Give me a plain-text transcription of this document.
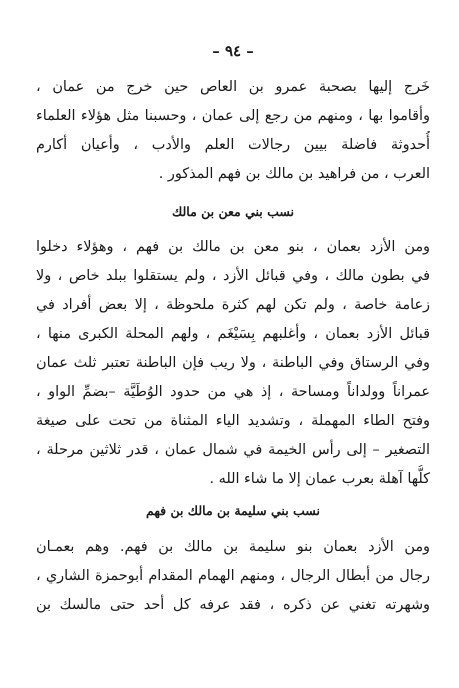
– ٩٤ –
خَرج إليها بصحبة عمرو بن العاص حين خرج من عمان ،
وأقاموا بها ، ومنهم من رجع إلى عمان ، وحسبنا مثل هؤلاء العلماء
أُحدوثة فاضلة بيين رجالات العلم والأدب ، وأعيان أكارم
العرب ، من فراهيد بن مالك بن فهم المذكور .
نسب بني معن بن مالك
ومن الأزد بعمان ، بنو معن بن مالك بن فهم ، وهؤلاء دخلوا
في بطون مالك ، وفي قبائل الأزد ، ولم يستقلوا ببلد خاص ، ولا
زعامة خاصة ، ولم تكن لهم كثرة ملحوظة ، إلا بعض أفراد في
قبائل الأزد بعمان ، وأغلبهم بِسَيْغَم ، ولهم المحلة الكبرى منها ،
وفي الرستاق وفي الباطنة ، ولا ريب فإن الباطنة تعتبر ثلث عمان
عمراناً وولداناً ومساحة ، إذ هي من حدود الوُطَيَّة –بضمِّ الواو ،
وفتح الطاء المهملة ، وتشديد الياء المثناة من تحت على صيغة
التصغير – إلى رأس الخيمة في شمال عمان ، قدر ثلاثين مرحلة ،
كلُّها آهلة بعرب عمان إلا ما شاء الله .
نسب بني سليمة بن مالك بن فهم
ومن الأزد بعمان بنو سليمة بن مالك بن فهم. وهم بعمـان
رجال من أبطال الرجال ، ومنهم الهمام المقدام أبوحمزة الشاري ،
وشهرته تغني عن ذكره ، فقد عرفه كل أحد حتى مالسك بن
